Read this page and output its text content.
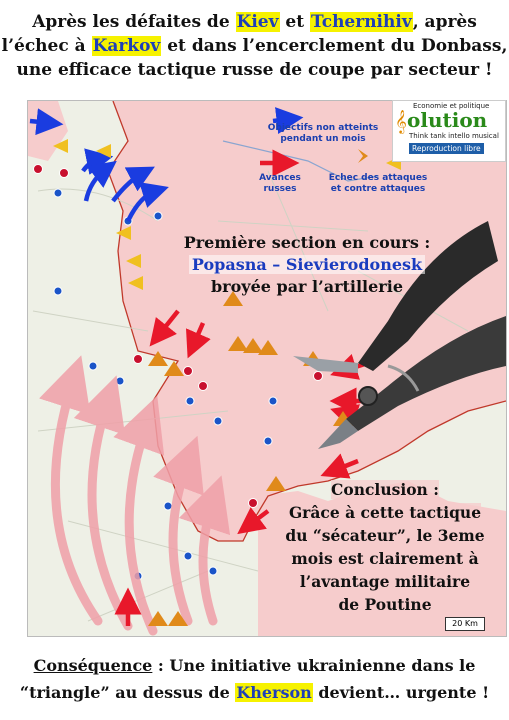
Après les défaites de Kiev et Tchernihiv, après
l’échec à Karkov et dans l’encerclement du Donbass,
une efficace tactique russe de coupe par secteur !
Objectifs non atteints pendant un mois
Avances russes
Echec des attaques et contre attaques
𝄞
Economie et politique
olution
Think tank intello musical
Reproduction libre
Première section en cours :
Popasna – Sievierodonesk
broyée par l’artillerie
Conclusion :
Grâce à cette tactique
du “sécateur”, le 3eme
mois est clairement à
l’avantage militaire
de Poutine
20 Km
Conséquence : Une initiative ukrainienne dans le
“triangle” au dessus de Kherson devient… urgente !
